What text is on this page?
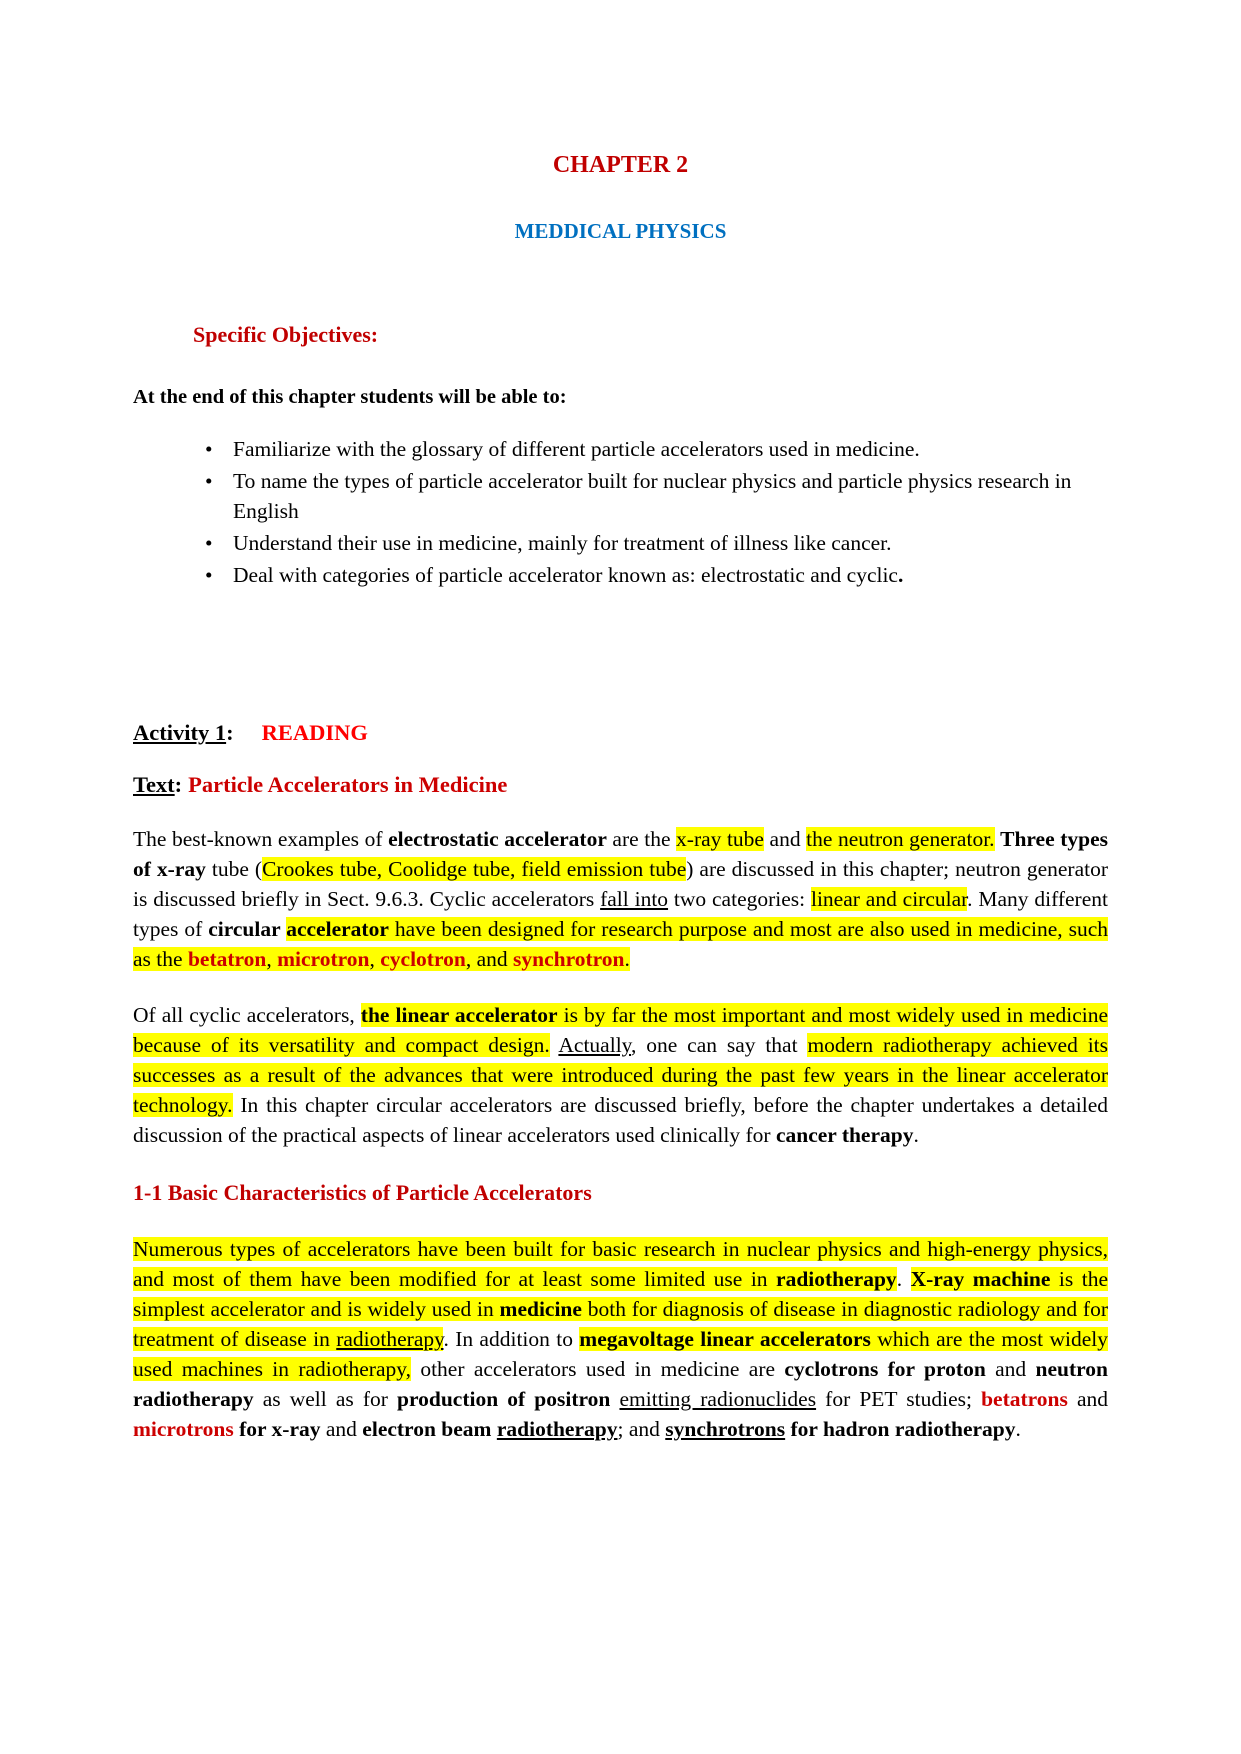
CHAPTER 2
MEDDICAL PHYSICS
Specific Objectives:
At the end of this chapter students will be able to:
• Familiarize with the glossary of different particle accelerators used in medicine.
• To name the types of particle accelerator built for nuclear physics and particle physics research in English
• Understand their use in medicine, mainly for treatment of illness like cancer.
• Deal with categories of particle accelerator known as: electrostatic and cyclic.
Activity 1: READING
Text: Particle Accelerators in Medicine

The best-known examples of electrostatic accelerator are the x-ray tube and the neutron generator. Three types of x-ray tube (Crookes tube, Coolidge tube, field emission tube) are discussed in this chapter; neutron generator is discussed briefly in Sect. 9.6.3. Cyclic accelerators fall into two categories: linear and circular. Many different types of circular accelerator have been designed for research purpose and most are also used in medicine, such as the betatron, microtron, cyclotron, and synchrotron.

Of all cyclic accelerators, the linear accelerator is by far the most important and most widely used in medicine because of its versatility and compact design. Actually, one can say that modern radiotherapy achieved its successes as a result of the advances that were introduced during the past few years in the linear accelerator technology. In this chapter circular accelerators are discussed briefly, before the chapter undertakes a detailed discussion of the practical aspects of linear accelerators used clinically for cancer therapy.

1-1 Basic Characteristics of Particle Accelerators

Numerous types of accelerators have been built for basic research in nuclear physics and high-energy physics, and most of them have been modified for at least some limited use in radiotherapy. X-ray machine is the simplest accelerator and is widely used in medicine both for diagnosis of disease in diagnostic radiology and for treatment of disease in radiotherapy. In addition to megavoltage linear accelerators which are the most widely used machines in radiotherapy, other accelerators used in medicine are cyclotrons for proton and neutron radiotherapy as well as for production of positron emitting radionuclides for PET studies; betatrons and microtrons for x-ray and electron beam radiotherapy; and synchrotrons for hadron radiotherapy.
